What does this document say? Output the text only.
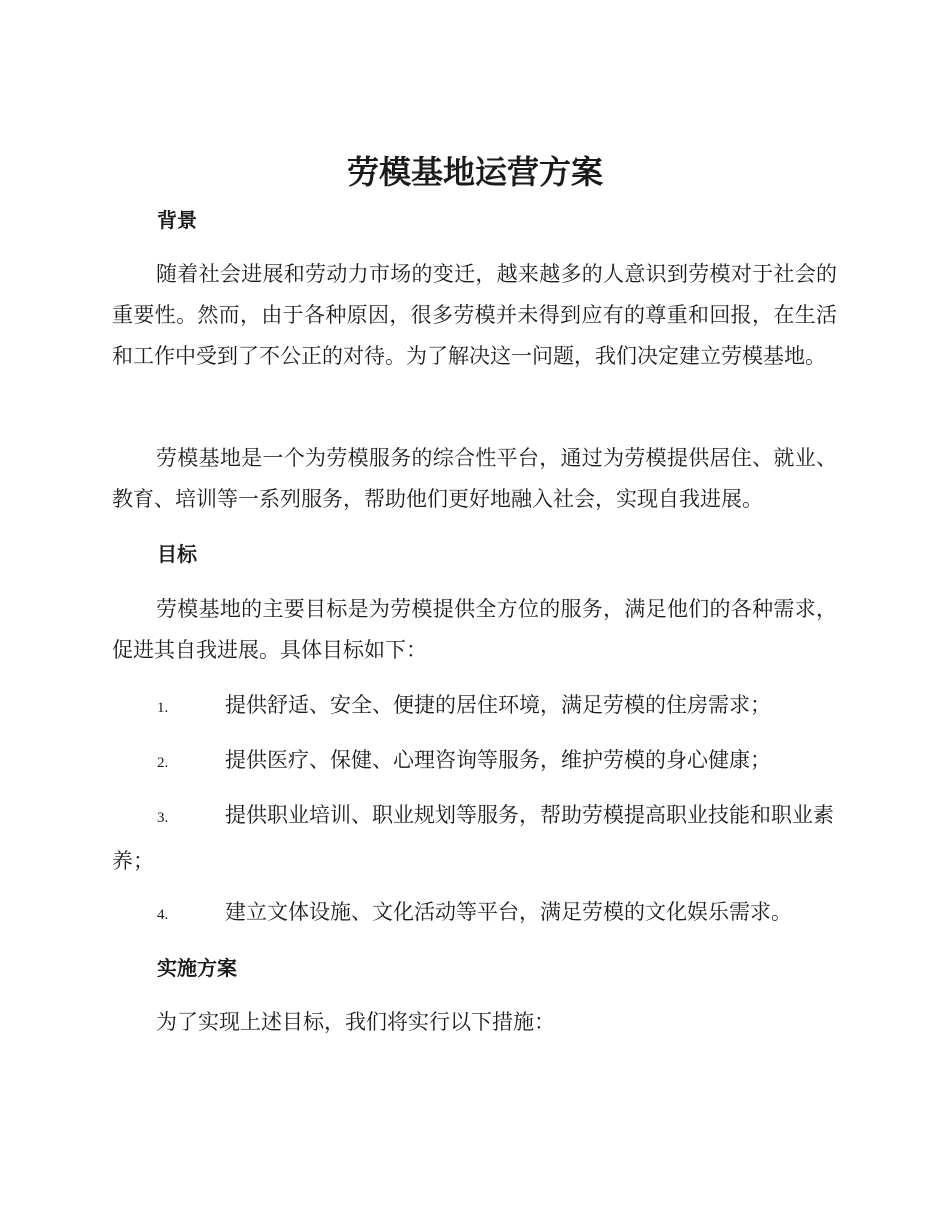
劳模基地运营方案
背景

随着社会进展和劳动力市场的变迁，越来越多的人意识到劳模对于社会的重要性。然而，由于各种原因，很多劳模并未得到应有的尊重和回报，在生活和工作中受到了不公正的对待。为了解决这一问题，我们决定建立劳模基地。

劳模基地是一个为劳模服务的综合性平台，通过为劳模提供居住、就业、教育、培训等一系列服务，帮助他们更好地融入社会，实现自我进展。

目标

劳模基地的主要目标是为劳模提供全方位的服务，满足他们的各种需求，促进其自我进展。具体目标如下：

1.	提供舒适、安全、便捷的居住环境，满足劳模的住房需求；

2.	提供医疗、保健、心理咨询等服务，维护劳模的身心健康；

3.	提供职业培训、职业规划等服务，帮助劳模提高职业技能和职业素养；

4.	建立文体设施、文化活动等平台，满足劳模的文化娱乐需求。

实施方案

为了实现上述目标，我们将实行以下措施：
